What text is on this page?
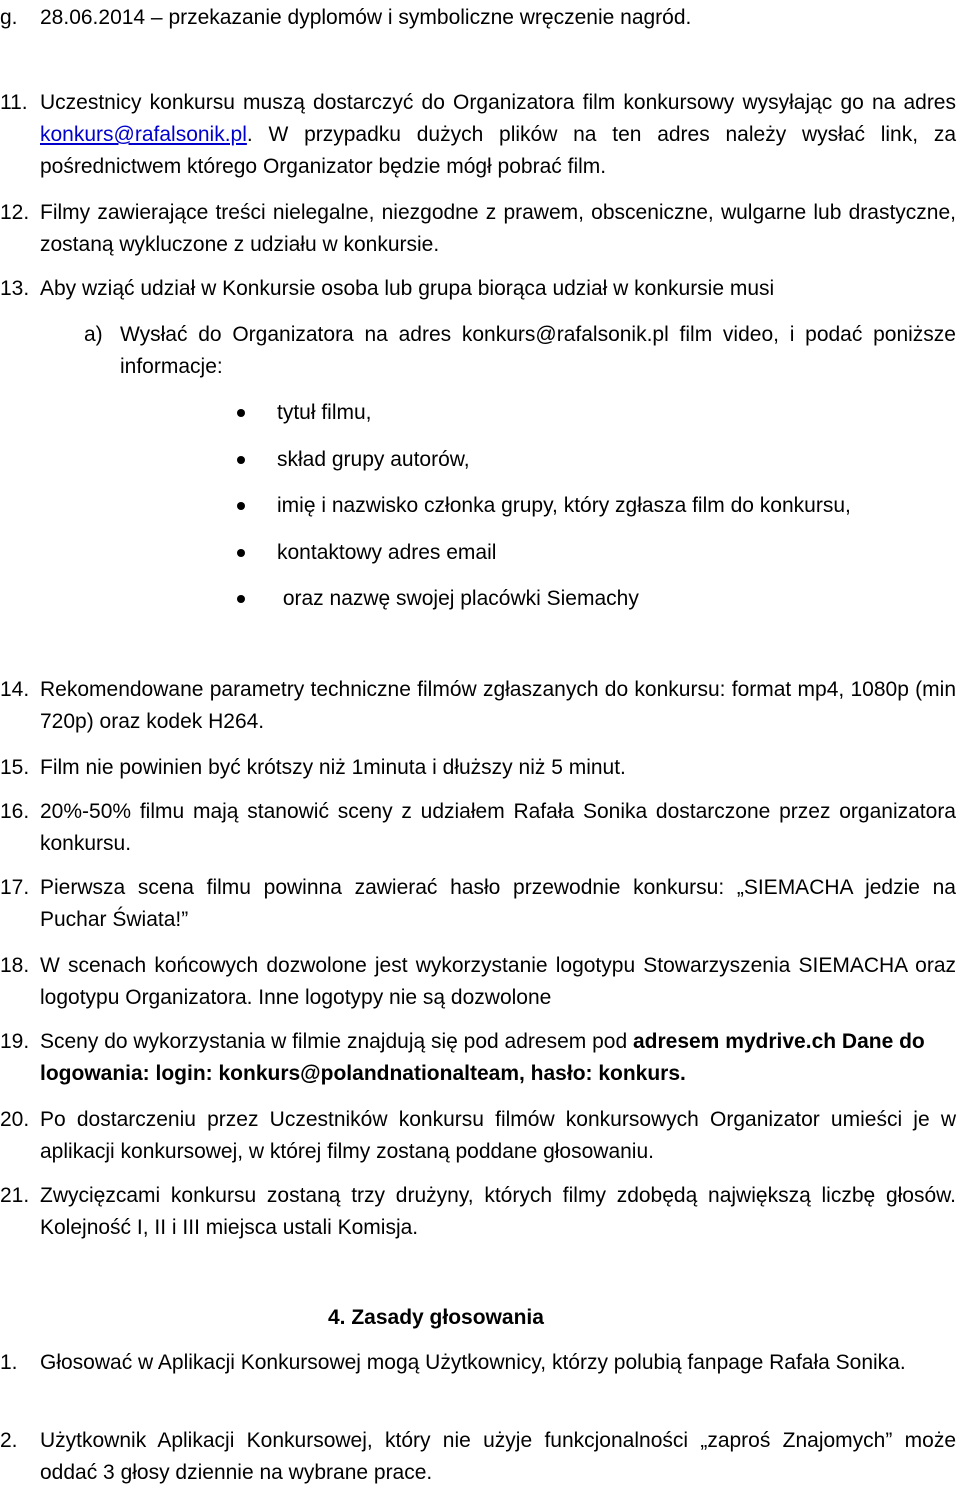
g.	28.06.2014 – przekazanie dyplomów i symboliczne wręczenie nagród.
11. Uczestnicy konkursu muszą dostarczyć do Organizatora film konkursowy wysyłając go na adres konkurs@rafalsonik.pl. W przypadku dużych plików na ten adres należy wysłać link, za pośrednictwem którego Organizator będzie mógł pobrać film.
12. Filmy zawierające treści nielegalne, niezgodne z prawem, obsceniczne, wulgarne lub drastyczne, zostaną wykluczone z udziału w konkursie.
13. Aby wziąć udział w Konkursie osoba lub grupa biorąca udział w konkursie musi
a) Wysłać do Organizatora na adres konkurs@rafalsonik.pl film video, i podać poniższe informacje:
tytuł filmu,
skład grupy autorów,
imię i nazwisko członka grupy, który zgłasza film do konkursu,
kontaktowy adres email
oraz nazwę swojej placówki Siemachy
14. Rekomendowane parametry techniczne filmów zgłaszanych do konkursu: format mp4, 1080p (min 720p) oraz kodek H264.
15. Film nie powinien być krótszy niż 1minuta i dłuższy niż 5 minut.
16. 20%-50% filmu mają stanowić sceny z udziałem Rafała Sonika dostarczone przez organizatora konkursu.
17. Pierwsza scena filmu powinna zawierać hasło przewodnie konkursu: „SIEMACHA jedzie na Puchar Świata!”
18. W scenach końcowych dozwolone jest wykorzystanie logotypu Stowarzyszenia SIEMACHA oraz logotypu Organizatora. Inne logotypy nie są dozwolone
19. Sceny do wykorzystania w filmie znajdują się pod adresem pod adresem mydrive.ch Dane do logowania: login: konkurs@polandnationalteam, hasło: konkurs.
20. Po dostarczeniu przez Uczestników konkursu filmów konkursowych Organizator umieści je w aplikacji konkursowej, w której filmy zostaną poddane głosowaniu.
21. Zwycięzcami konkursu zostaną trzy drużyny, których filmy zdobędą największą liczbę głosów. Kolejność I, II i III miejsca ustali Komisja.
4. Zasady głosowania
1.	Głosować w Aplikacji Konkursowej mogą Użytkownicy, którzy polubią fanpage Rafała Sonika.
2.	Użytkownik Aplikacji Konkursowej, który nie użyje funkcjonalności „zaproś Znajomych” może oddać 3 głosy dziennie na wybrane prace.
